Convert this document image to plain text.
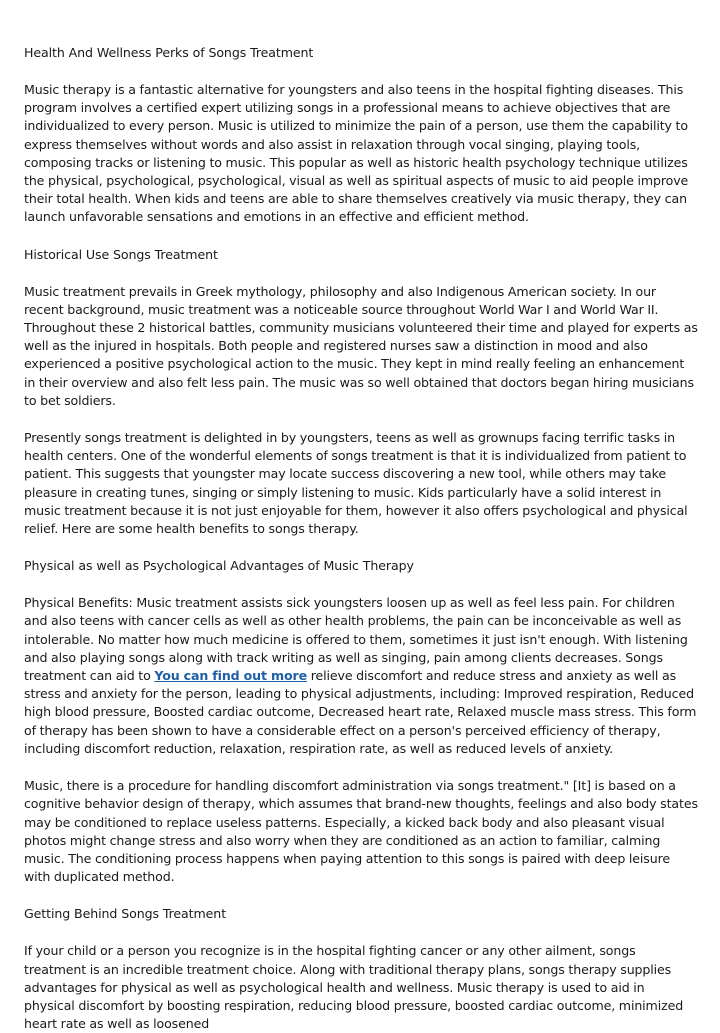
Health And Wellness Perks of Songs Treatment

Music therapy is a fantastic alternative for youngsters and also teens in the hospital fighting diseases. This program involves a certified expert utilizing songs in a professional means to achieve objectives that are individualized to every person. Music is utilized to minimize the pain of a person, use them the capability to express themselves without words and also assist in relaxation through vocal singing, playing tools, composing tracks or listening to music. This popular as well as historic health psychology technique utilizes the physical, psychological, psychological, visual as well as spiritual aspects of music to aid people improve their total health. When kids and teens are able to share themselves creatively via music therapy, they can launch unfavorable sensations and emotions in an effective and efficient method.

Historical Use Songs Treatment

Music treatment prevails in Greek mythology, philosophy and also Indigenous American society. In our recent background, music treatment was a noticeable source throughout World War I and World War II. Throughout these 2 historical battles, community musicians volunteered their time and played for experts as well as the injured in hospitals. Both people and registered nurses saw a distinction in mood and also experienced a positive psychological action to the music. They kept in mind really feeling an enhancement in their overview and also felt less pain. The music was so well obtained that doctors began hiring musicians to bet soldiers.

Presently songs treatment is delighted in by youngsters, teens as well as grownups facing terrific tasks in health centers. One of the wonderful elements of songs treatment is that it is individualized from patient to patient. This suggests that youngster may locate success discovering a new tool, while others may take pleasure in creating tunes, singing or simply listening to music. Kids particularly have a solid interest in music treatment because it is not just enjoyable for them, however it also offers psychological and physical relief. Here are some health benefits to songs therapy.

Physical as well as Psychological Advantages of Music Therapy

Physical Benefits: Music treatment assists sick youngsters loosen up as well as feel less pain. For children and also teens with cancer cells as well as other health problems, the pain can be inconceivable as well as intolerable. No matter how much medicine is offered to them, sometimes it just isn't enough. With listening and also playing songs along with track writing as well as singing, pain among clients decreases. Songs treatment can aid to You can find out more relieve discomfort and reduce stress and anxiety as well as stress and anxiety for the person, leading to physical adjustments, including: Improved respiration, Reduced high blood pressure, Boosted cardiac outcome, Decreased heart rate, Relaxed muscle mass stress. This form of therapy has been shown to have a considerable effect on a person's perceived efficiency of therapy, including discomfort reduction, relaxation, respiration rate, as well as reduced levels of anxiety.

Music, there is a procedure for handling discomfort administration via songs treatment." [It] is based on a cognitive behavior design of therapy, which assumes that brand-new thoughts, feelings and also body states may be conditioned to replace useless patterns. Especially, a kicked back body and also pleasant visual photos might change stress and also worry when they are conditioned as an action to familiar, calming music. The conditioning process happens when paying attention to this songs is paired with deep leisure with duplicated method.

Getting Behind Songs Treatment

If your child or a person you recognize is in the hospital fighting cancer or any other ailment, songs treatment is an incredible treatment choice. Along with traditional therapy plans, songs therapy supplies advantages for physical as well as psychological health and wellness. Music therapy is used to aid in physical discomfort by boosting respiration, reducing blood pressure, boosted cardiac outcome, minimized heart rate as well as loosened
